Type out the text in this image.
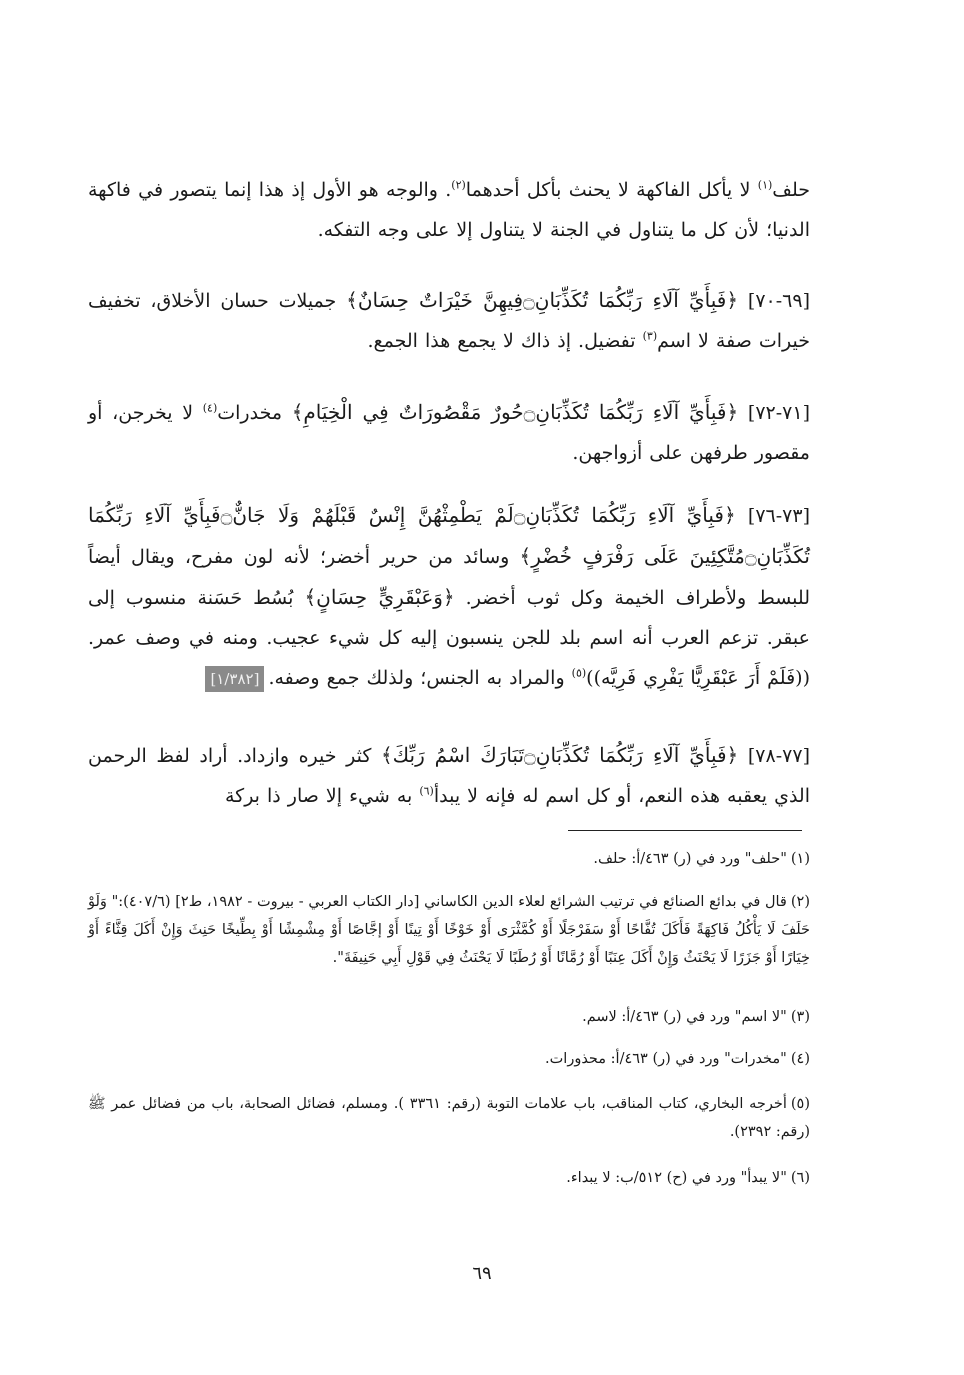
حلف$^{(١)}$ لا يأكل الفاكهة لا يحنث بأكل أحدهما$^{(٢)}$. والوجه هو الأول إذ هذا إنما يتصور في فاكهة الدنيا؛ لأن كل ما يتناول في الجنة لا يتناول إلا على وجه التفكه.
[٦٩-٧٠] ﴿فَبِأَيِّ آلَاءِ رَبِّكُمَا تُكَذِّبَانِ۝فِيهِنَّ خَيْرَاتٌ حِسَانٌ﴾ جميلات حسان الأخلاق، تخفيف خيرات صفة لا اسم$^{(٣)}$ تفضيل. إذ ذاك لا يجمع هذا الجمع.
[٧١-٧٢] ﴿فَبِأَيِّ آلَاءِ رَبِّكُمَا تُكَذِّبَانِ۝حُورٌ مَقْصُورَاتٌ فِي الْخِيَامِ﴾ مخدرات$^{(٤)}$ لا يخرجن، أو مقصور طرفهن على أزواجهن.
[٧٣-٧٦] ﴿فَبِأَيِّ آلَاءِ رَبِّكُمَا تُكَذِّبَانِ۝لَمْ يَطْمِثْهُنَّ إِنْسٌ قَبْلَهُمْ وَلَا جَانٌّ۝فَبِأَيِّ آلَاءِ رَبِّكُمَا تُكَذِّبَانِ۝مُتَّكِئِينَ عَلَى رَفْرَفٍ خُضْرٍ﴾ وسائد من حرير أخضر؛ لأنه لون مفرح، ويقال أيضاً للبسط ولأطراف الخيمة وكل ثوب أخضر. ﴿وَعَبْقَرِيٍّ حِسَانٍ﴾ بُسُط حَسَنة منسوب إلى عبقر. تزعم العرب أنه اسم بلد للجن ينسبون إليه كل شيء عجيب. ومنه في وصف عمر. ((فَلَمْ أَرَ عَبْقَرِيًّا يَفْرِي فَرِيَّه))$^{(٥)}$ والمراد به الجنس؛ ولذلك جمع وصفه.[١/٣٨٢]
[٧٧-٧٨] ﴿فَبِأَيِّ آلَاءِ رَبِّكُمَا تُكَذِّبَانِ۝تَبَارَكَ اسْمُ رَبِّكَ﴾ كثر خيره وازداد. أراد لفظ الرحمن الذي يعقبه هذه النعم، أو كل اسم له فإنه لا يبدأ$^{(٦)}$ به شيء إلا صار ذا بركة
(١)"حلف" ورد في (ر) ٤٦٣/أ: حلف.
(٢)قال في بدائع الصنائع في ترتيب الشرائع لعلاء الدين الكاساني [دار الكتاب العربي - بيروت - ١٩٨٢، ط٢] (٤٠٧/٦):" وَلَوْ حَلَفَ لَا يَأْكُلُ فَاكِهَةً فَأَكَلَ تُفَّاحًا أَوْ سَفَرْجَلًا أَوْ كُمَّثْرَى أَوْ خَوْخًا أَوْ تِينًا أَوْ إجَّاصًا أَوْ مِشْمِشًا أَوْ بِطِّيخًا حَنِثَ وَإِنْ أَكَلَ قِثَّاءً أَوْ خِيَارًا أَوْ جَزَرًا لَا يَحْنَثُ وَإِنْ أَكَلَ عِنَبًا أَوْ رُمَّانًا أَوْ رُطَبًا لَا يَحْنَثُ فِي قَوْلِ أَبِي حَنِيفَةَ".
(٣)"لا اسم" ورد في (ر) ٤٦٣/أ: لاسم.
(٤)"مخدرات" ورد في (ر) ٤٦٣/أ: محذورات.
(٥)أخرجه البخاري، كتاب المناقب، باب علامات التوبة (رقم: ٣٣٦١ ). ومسلم، فضائل الصحابة، باب من فضائل عمر ﷺ (رقم: ٢٣٩٢).
(٦)"لا يبدأ" ورد في (ح) ٥١٢/ب: لا يبداء.
٦٩
